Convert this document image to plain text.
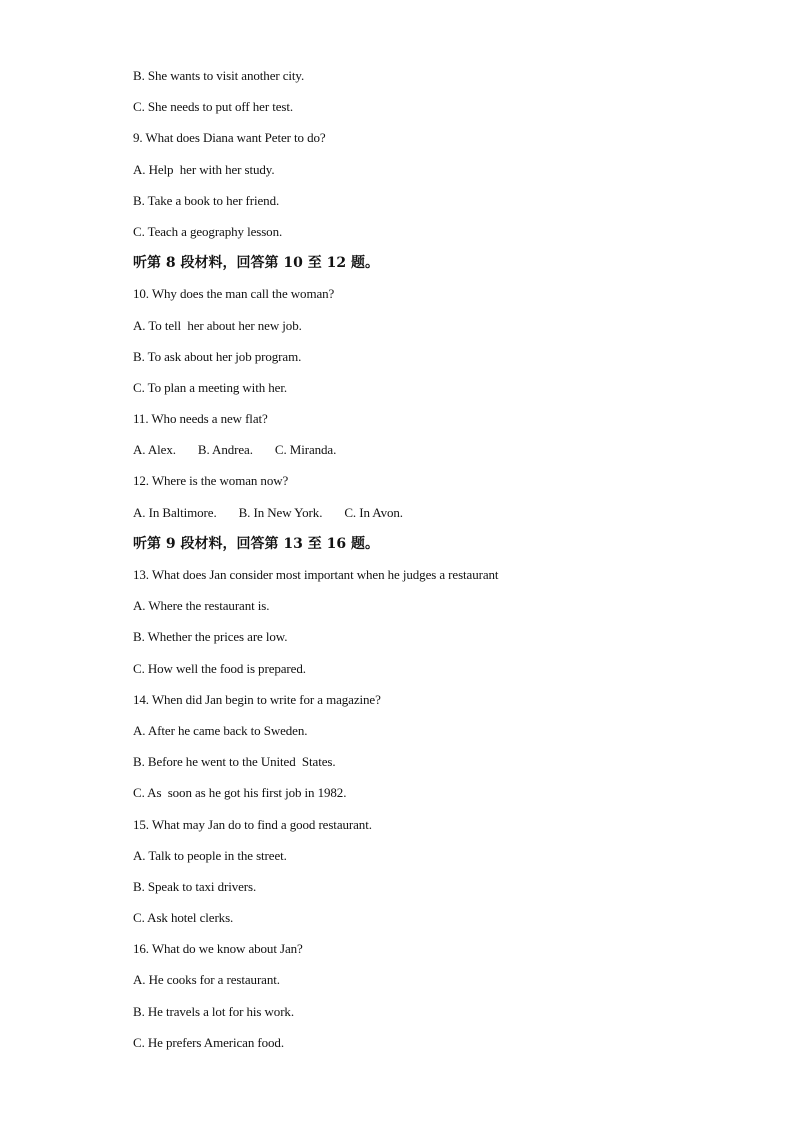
B. She wants to visit another city.
C. She needs to put off her test.
9. What does Diana want Peter to do?
A. Help  her with her study.
B. Take a book to her friend.
C. Teach a geography lesson.
听第 8 段材料，回答第 10 至 12 题。
10. Why does the man call the woman?
A. To tell  her about her new job.
B. To ask about her job program.
C. To plan a meeting with her.
11. Who needs a new flat?
A. Alex. B. Andrea. C. Miranda.
12. Where is the woman now?
A. In Baltimore. B. In New York. C. In Avon.
听第 9 段材料，回答第 13 至 16 题。
13. What does Jan consider most important when he judges a restaurant
A. Where the restaurant is.
B. Whether the prices are low.
C. How well the food is prepared.
14. When did Jan begin to write for a magazine?
A. After he came back to Sweden.
B. Before he went to the United  States.
C. As  soon as he got his first job in 1982.
15. What may Jan do to find a good restaurant.
A. Talk to people in the street.
B. Speak to taxi drivers.
C. Ask hotel clerks.
16. What do we know about Jan?
A. He cooks for a restaurant.
B. He travels a lot for his work.
C. He prefers American food.
